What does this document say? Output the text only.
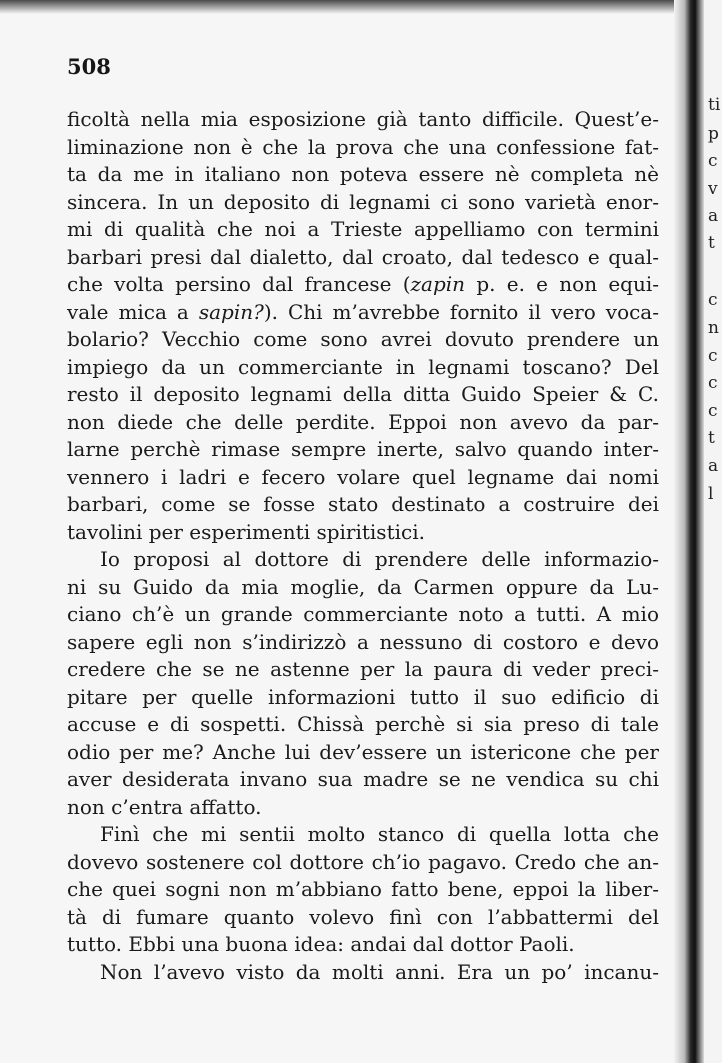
508
ficoltà nella mia esposizione già tanto difficile. Quest’e-
liminazione non è che la prova che una confessione fat-
ta da me in italiano non poteva essere nè completa nè
sincera. In un deposito di legnami ci sono varietà enor-
mi di qualità che noi a Trieste appelliamo con termini
barbari presi dal dialetto, dal croato, dal tedesco e qual-
che volta persino dal francese (zapin p. e. e non equi-
vale mica a sapin?). Chi m’avrebbe fornito il vero voca-
bolario? Vecchio come sono avrei dovuto prendere un
impiego da un commerciante in legnami toscano? Del
resto il deposito legnami della ditta Guido Speier & C.
non diede che delle perdite. Eppoi non avevo da par-
larne perchè rimase sempre inerte, salvo quando inter-
vennero i ladri e fecero volare quel legname dai nomi
barbari, come se fosse stato destinato a costruire dei
tavolini per esperimenti spiritistici.
Io proposi al dottore di prendere delle informazio-
ni su Guido da mia moglie, da Carmen oppure da Lu-
ciano ch’è un grande commerciante noto a tutti. A mio
sapere egli non s’indirizzò a nessuno di costoro e devo
credere che se ne astenne per la paura di veder preci-
pitare per quelle informazioni tutto il suo edificio di
accuse e di sospetti. Chissà perchè si sia preso di tale
odio per me? Anche lui dev’essere un istericone che per
aver desiderata invano sua madre se ne vendica su chi
non c’entra affatto.
Finì che mi sentii molto stanco di quella lotta che
dovevo sostenere col dottore ch’io pagavo. Credo che an-
che quei sogni non m’abbiano fatto bene, eppoi la liber-
tà di fumare quanto volevo finì con l’abbattermi del
tutto. Ebbi una buona idea: andai dal dottor Paoli.
Non l’avevo visto da molti anni. Era un po’ incanu-
ti
p
c
v
a
t
c
n
c
c
c
t
a
l
